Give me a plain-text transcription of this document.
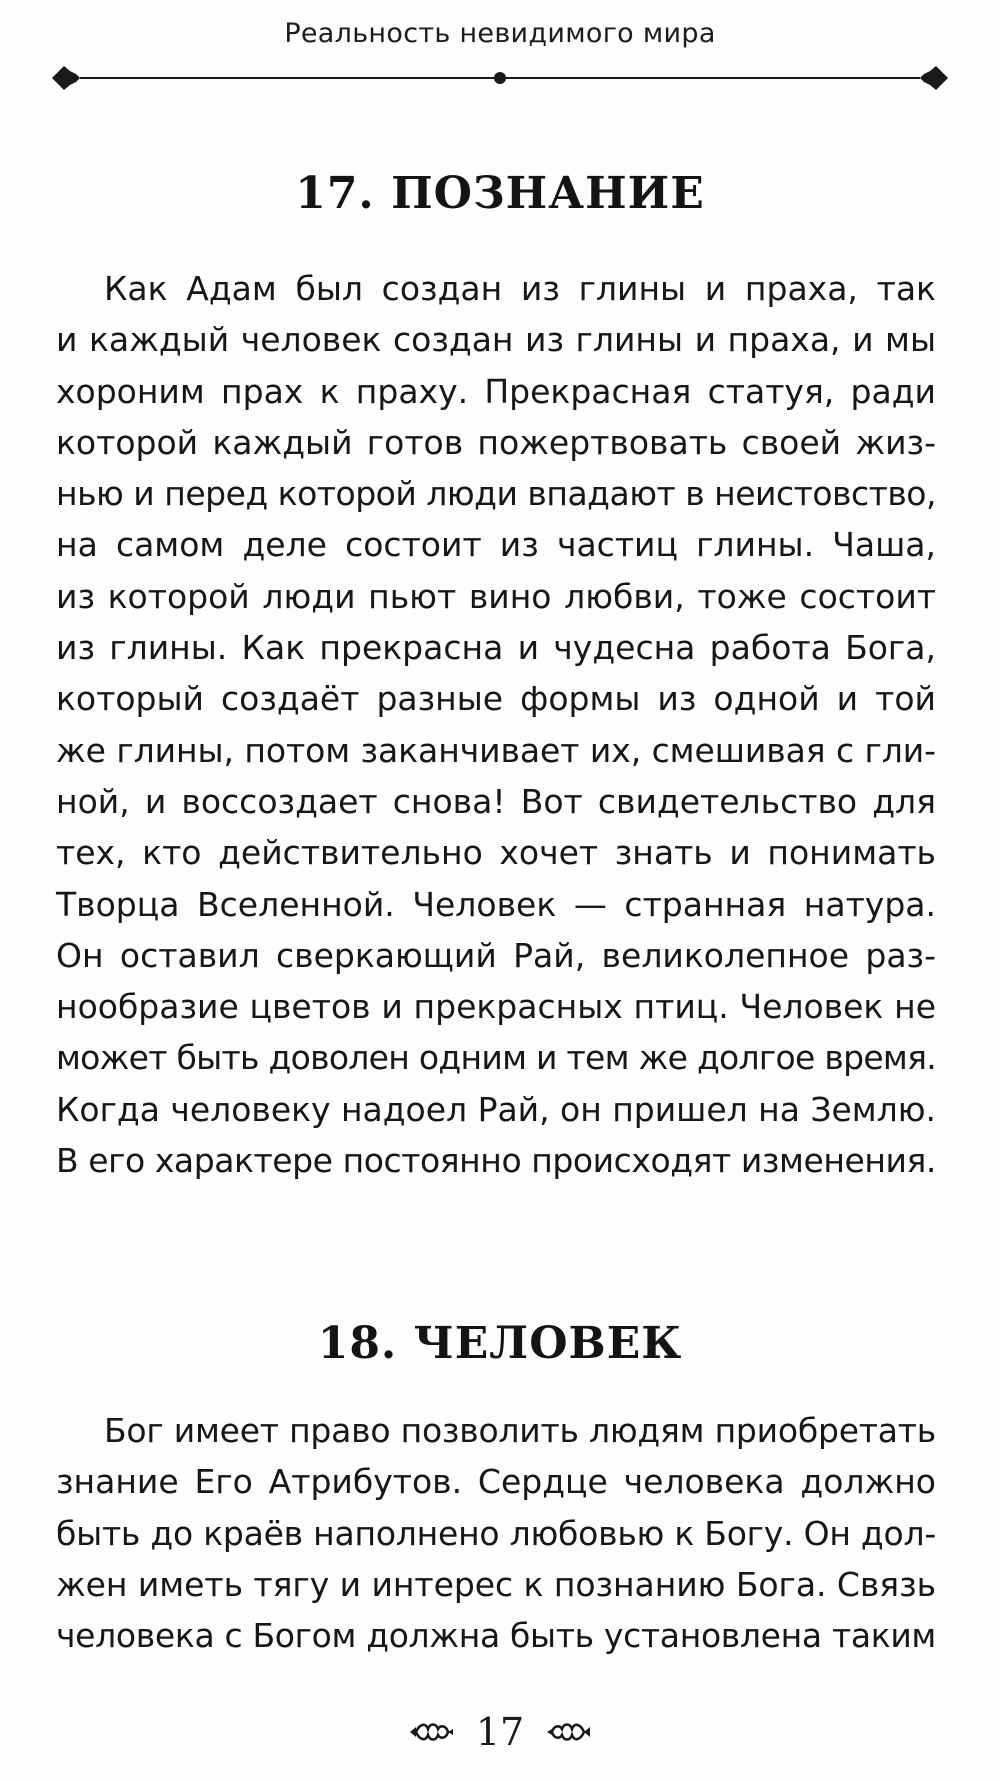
Реальность невидимого мира
17. ПОЗНАНИЕ
Как Адам был создан из глины и праха, так
и каждый человек создан из глины и праха, и мы
хороним прах к праху. Прекрасная статуя, ради
которой каждый готов пожертвовать своей жиз-
нью и перед которой люди впадают в неистовство,
на самом деле состоит из частиц глины. Чаша,
из которой люди пьют вино любви, тоже состоит
из глины. Как прекрасна и чудесна работа Бога,
который создаёт разные формы из одной и той
же глины, потом заканчивает их, смешивая с гли-
ной, и воссоздает снова! Вот свидетельство для
тех, кто действительно хочет знать и понимать
Творца Вселенной. Человек — странная натура.
Он оставил сверкающий Рай, великолепное раз-
нообразие цветов и прекрасных птиц. Человек не
может быть доволен одним и тем же долгое время.
Когда человеку надоел Рай, он пришел на Землю.
В его характере постоянно происходят изменения.
18. ЧЕЛОВЕК
Бог имеет право позволить людям приобретать
знание Его Атрибутов. Сердце человека должно
быть до краёв наполнено любовью к Богу. Он дол-
жен иметь тягу и интерес к познанию Бога. Связь
человека с Богом должна быть установлена таким
17
